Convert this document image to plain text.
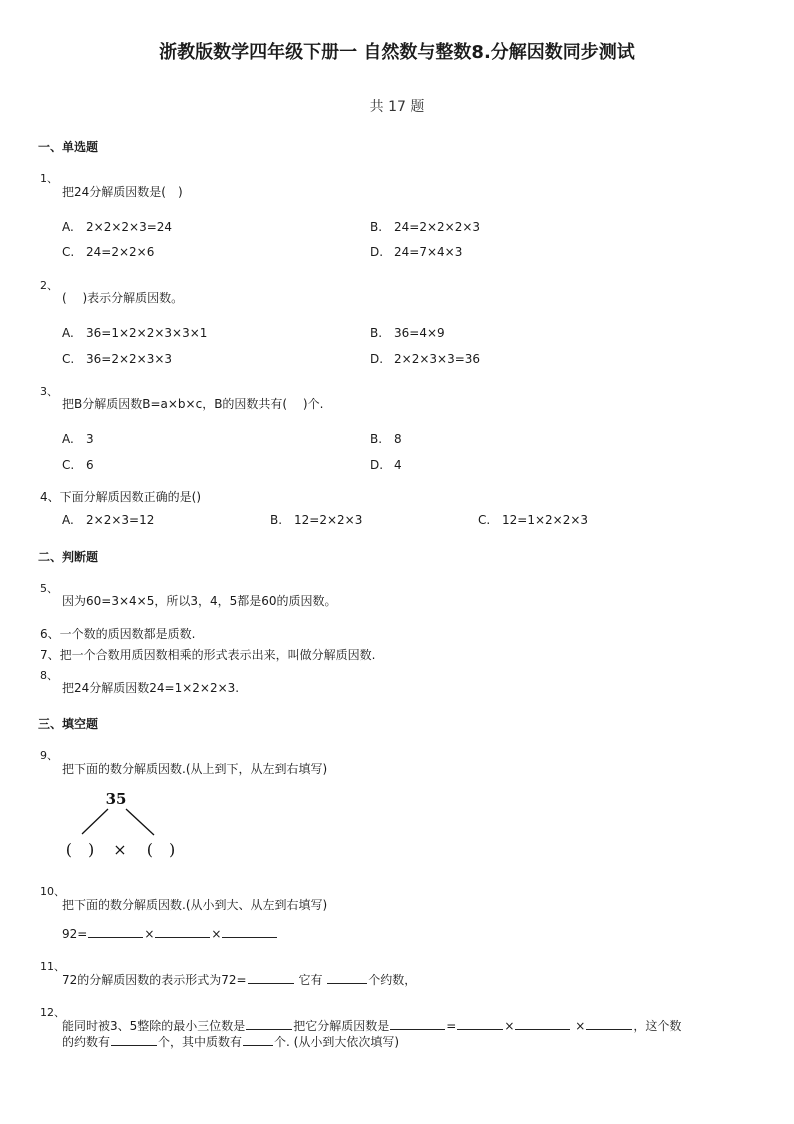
浙教版数学四年级下册一 自然数与整数8.分解因数同步测试
共 17 题
一、单选题
1、
把24分解质因数是(　)
A. 2×2×2×3=24	B. 24=2×2×2×3
C. 24=2×2×6	D. 24=7×4×3
2、
(　 )表示分解质因数。
A. 36=1×2×2×3×3×1	B. 36=4×9
C. 36=2×2×3×3	D. 2×2×3×3=36
3、
把B分解质因数B=a×b×c，B的因数共有(　 )个.
A. 3	B. 8
C. 6	D. 4
4、下面分解质因数正确的是()
A. 2×2×3=12	B. 12=2×2×3	C. 12=1×2×2×3
二、判断题
5、
因为60=3×4×5，所以3，4，5都是60的质因数。
6、一个数的质因数都是质数.
7、把一个合数用质因数相乘的形式表示出来，叫做分解质因数.
8、
把24分解质因数24=1×2×2×3.
三、填空题
9、
把下面的数分解质因数.(从上到下，从左到右填写)
35
(　) × (　)
10、
把下面的数分解质因数.(从小到大、从左到右填写)
92=	×	×
11、
72的分解质因数的表示形式为72=	它有	个约数，
12、
能同时被3、5整除的最小三位数是	把它分解质因数是	=	×	×	，这个数
的约数有	个，其中质数有	个. (从小到大依次填写)
